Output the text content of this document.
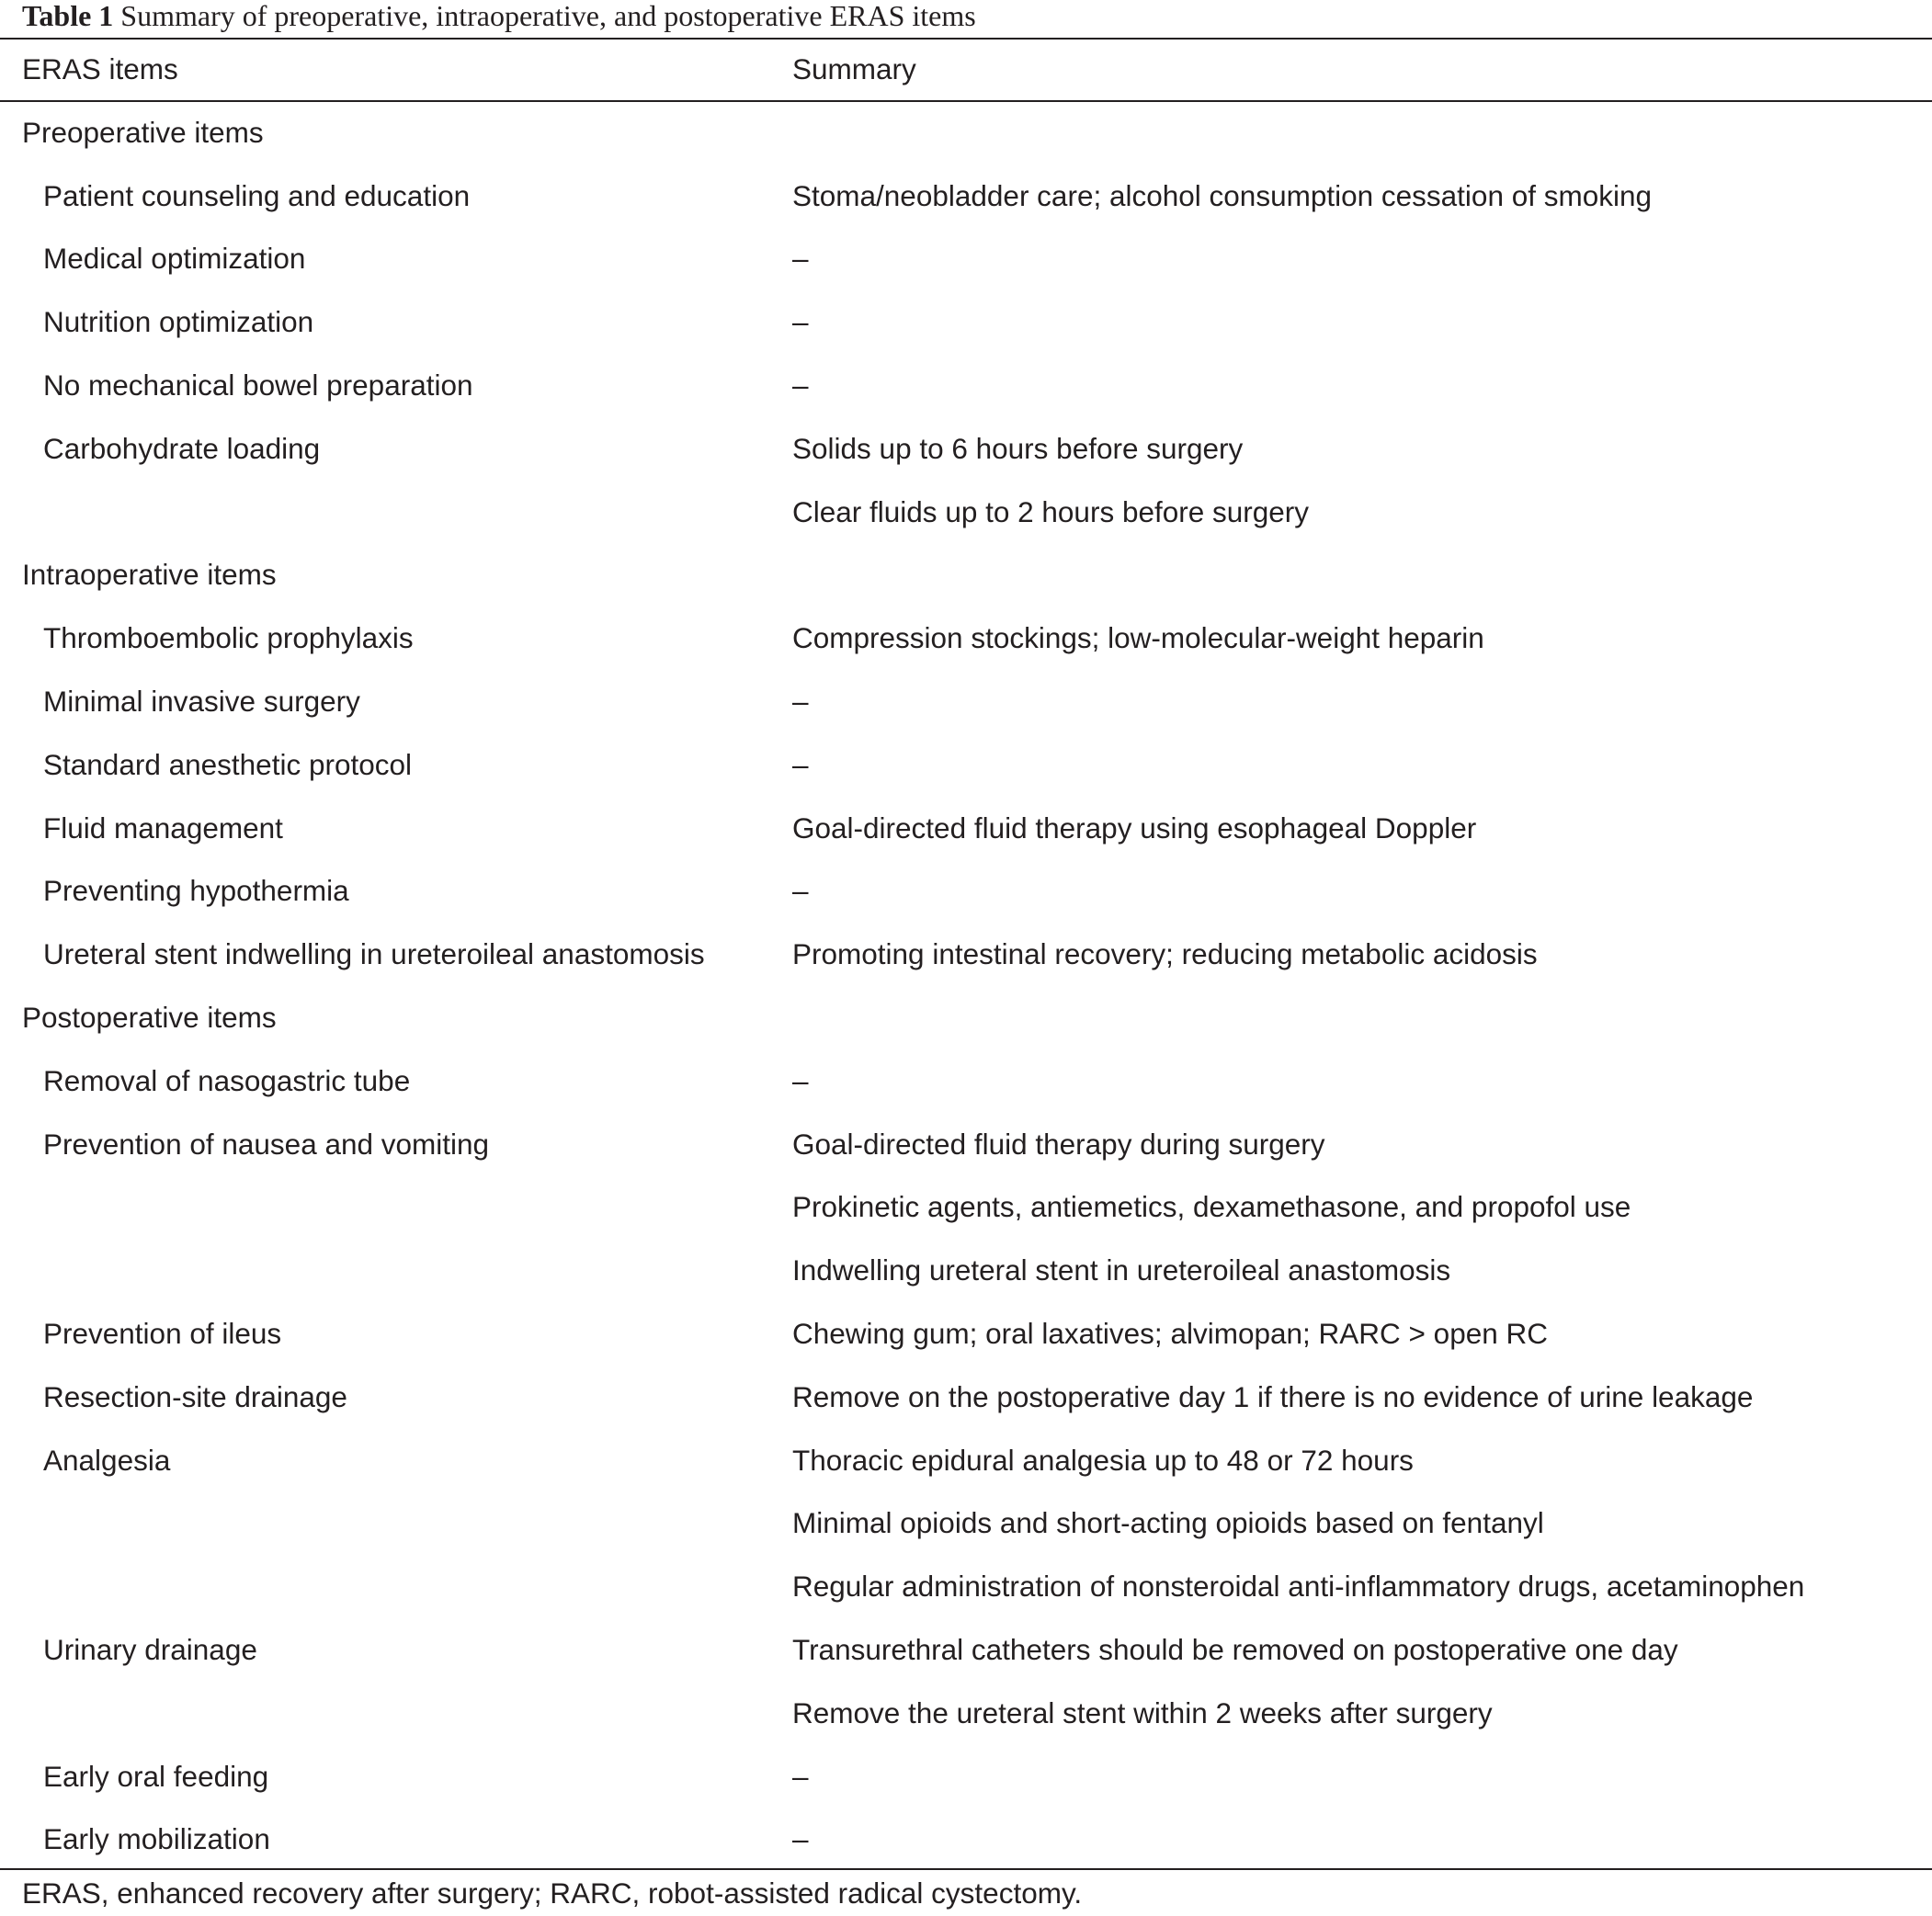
Table 1 Summary of preoperative, intraoperative, and postoperative ERAS items
ERAS items	Summary
Preoperative items
Patient counseling and education	Stoma/neobladder care; alcohol consumption cessation of smoking
Medical optimization	–
Nutrition optimization	–
No mechanical bowel preparation	–
Carbohydrate loading	Solids up to 6 hours before surgery
Clear fluids up to 2 hours before surgery
Intraoperative items
Thromboembolic prophylaxis	Compression stockings; low-molecular-weight heparin
Minimal invasive surgery	–
Standard anesthetic protocol	–
Fluid management	Goal-directed fluid therapy using esophageal Doppler
Preventing hypothermia	–
Ureteral stent indwelling in ureteroileal anastomosis	Promoting intestinal recovery; reducing metabolic acidosis
Postoperative items
Removal of nasogastric tube	–
Prevention of nausea and vomiting	Goal-directed fluid therapy during surgery
Prokinetic agents, antiemetics, dexamethasone, and propofol use
Indwelling ureteral stent in ureteroileal anastomosis
Prevention of ileus	Chewing gum; oral laxatives; alvimopan; RARC > open RC
Resection-site drainage	Remove on the postoperative day 1 if there is no evidence of urine leakage
Analgesia	Thoracic epidural analgesia up to 48 or 72 hours
Minimal opioids and short-acting opioids based on fentanyl
Regular administration of nonsteroidal anti-inflammatory drugs, acetaminophen
Urinary drainage	Transurethral catheters should be removed on postoperative one day
Remove the ureteral stent within 2 weeks after surgery
Early oral feeding	–
Early mobilization	–
ERAS, enhanced recovery after surgery; RARC, robot-assisted radical cystectomy.
